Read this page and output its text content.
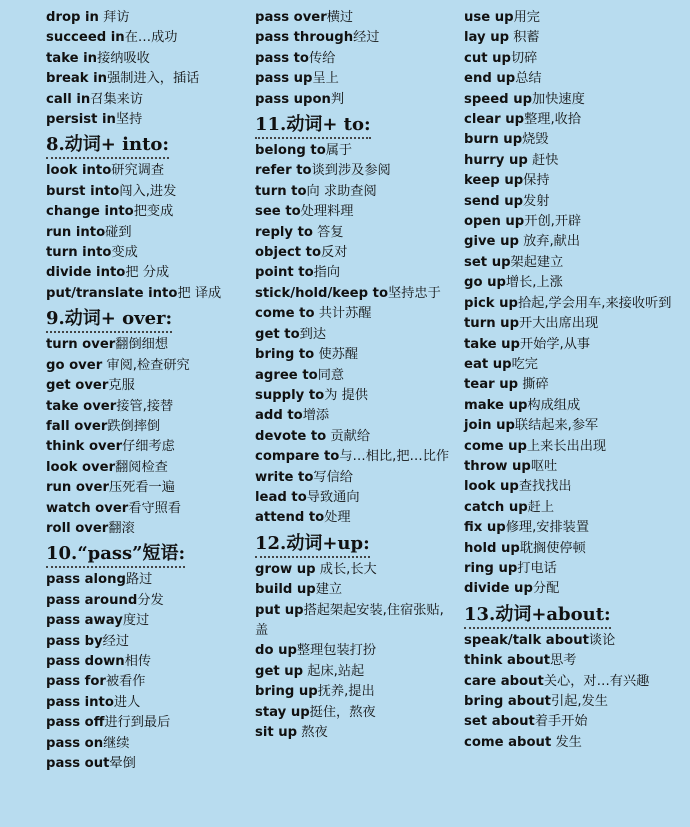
drop in 拜访
succeed in在…成功
take in接纳吸收
break in强制进入，插话
call in召集来访
persist in坚持
8.动词+ into:
look into研究调查
burst into闯入,进发
change into把变成
run into碰到
turn into变成
divide into把 分成
put/translate into把 译成
9.动词+ over:
turn over翻倒细想
go over 审阅,检查研究
get over克服
take over接管,接替
fall over跌倒摔倒
think over仔细考虑
look over翻阅检查
run over压死看一遍
watch over看守照看
roll over翻滚
10.“pass”短语:
pass along路过
pass around分发
pass away度过
pass by经过
pass down相传
pass for被看作
pass into进人
pass off进行到最后
pass on继续
pass out晕倒
pass over横过
pass through经过
pass to传给
pass up呈上
pass upon判
11.动词+ to:
belong to属于
refer to谈到涉及参阅
turn to向 求助查阅
see to处理料理
reply to 答复
object to反对
point to指向
stick/hold/keep to坚持忠于
come to 共计苏醒
get to到达
bring to 使苏醒
agree to同意
supply to为 提供
add to增添
devote to 贡献给
compare to与…相比,把…比作
write to写信给
lead to导致通向
attend to处理
12.动词+up:
grow up 成长,长大
build up建立
put up搭起架起安装,住宿张贴,盖
do up整理包装打扮
get up 起床,站起
bring up抚养,提出
stay up挺住，熬夜
sit up 熬夜
use up用完
lay up 积蓄
cut up切碎
end up总结
speed up加快速度
clear up整理,收拾
burn up烧毁
hurry up 赶快
keep up保持
send up发射
open up开创,开辟
give up 放弃,献出
set up架起建立
go up增长,上涨
pick up拾起,学会用车,来接收听到
turn up开大出席出现
take up开始学,从事
eat up吃完
tear up 撕碎
make up构成组成
join up联结起来,参军
come up上来长出出现
throw up呕吐
look up查找找出
catch up赶上
fix up修理,安排装置
hold up耽搁使停顿
ring up打电话
divide up分配
13.动词+about:
speak/talk about谈论
think about思考
care about关心，对…有兴趣
bring about引起,发生
set about着手开始
come about 发生
